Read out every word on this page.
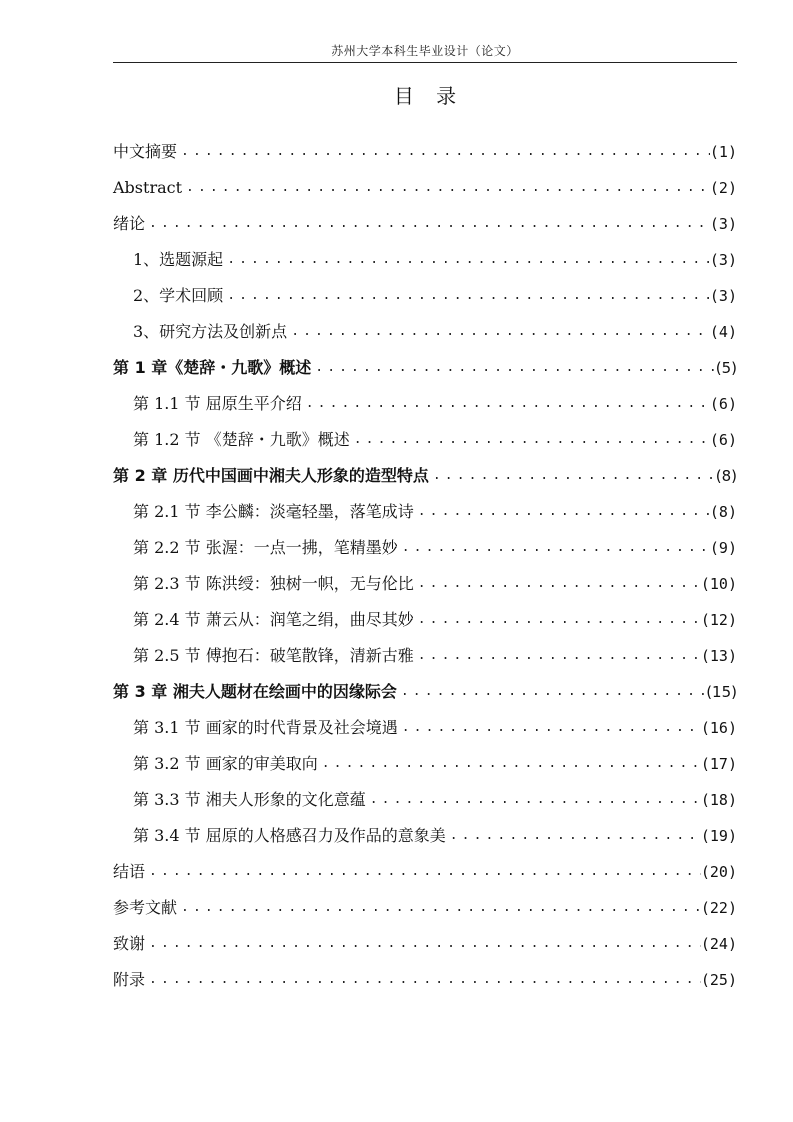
苏州大学本科生毕业设计（论文）
目 录
中文摘要 .....	(1)
Abstract .....	(2)
绪论 .....	(3)
1、选题源起 .....	(3)
2、学术回顾 .....	(3)
3、研究方法及创新点 .....	(4)
第 1 章《楚辞・九歌》概述 .....	(5)
第 1.1 节 屈原生平介绍 .....	(6)
第 1.2 节 《楚辞・九歌》概述 .....	(6)
第 2 章 历代中国画中湘夫人形象的造型特点 .....	(8)
第 2.1 节 李公麟：淡毫轻墨，落笔成诗 .....	(8)
第 2.2 节 张渥：一点一拂，笔精墨妙 .....	(9)
第 2.3 节 陈洪绶：独树一帜，无与伦比 .....	(10)
第 2.4 节 萧云从：润笔之绢，曲尽其妙 .....	(12)
第 2.5 节 傅抱石：破笔散锋，清新古雅 .....	(13)
第 3 章 湘夫人题材在绘画中的因缘际会 .....	(15)
第 3.1 节 画家的时代背景及社会境遇 .....	(16)
第 3.2 节 画家的审美取向 .....	(17)
第 3.3 节 湘夫人形象的文化意蕴 .....	(18)
第 3.4 节 屈原的人格感召力及作品的意象美 .....	(19)
结语 .....	(20)
参考文献 .....	(22)
致谢 .....	(24)
附录 .....	(25)
